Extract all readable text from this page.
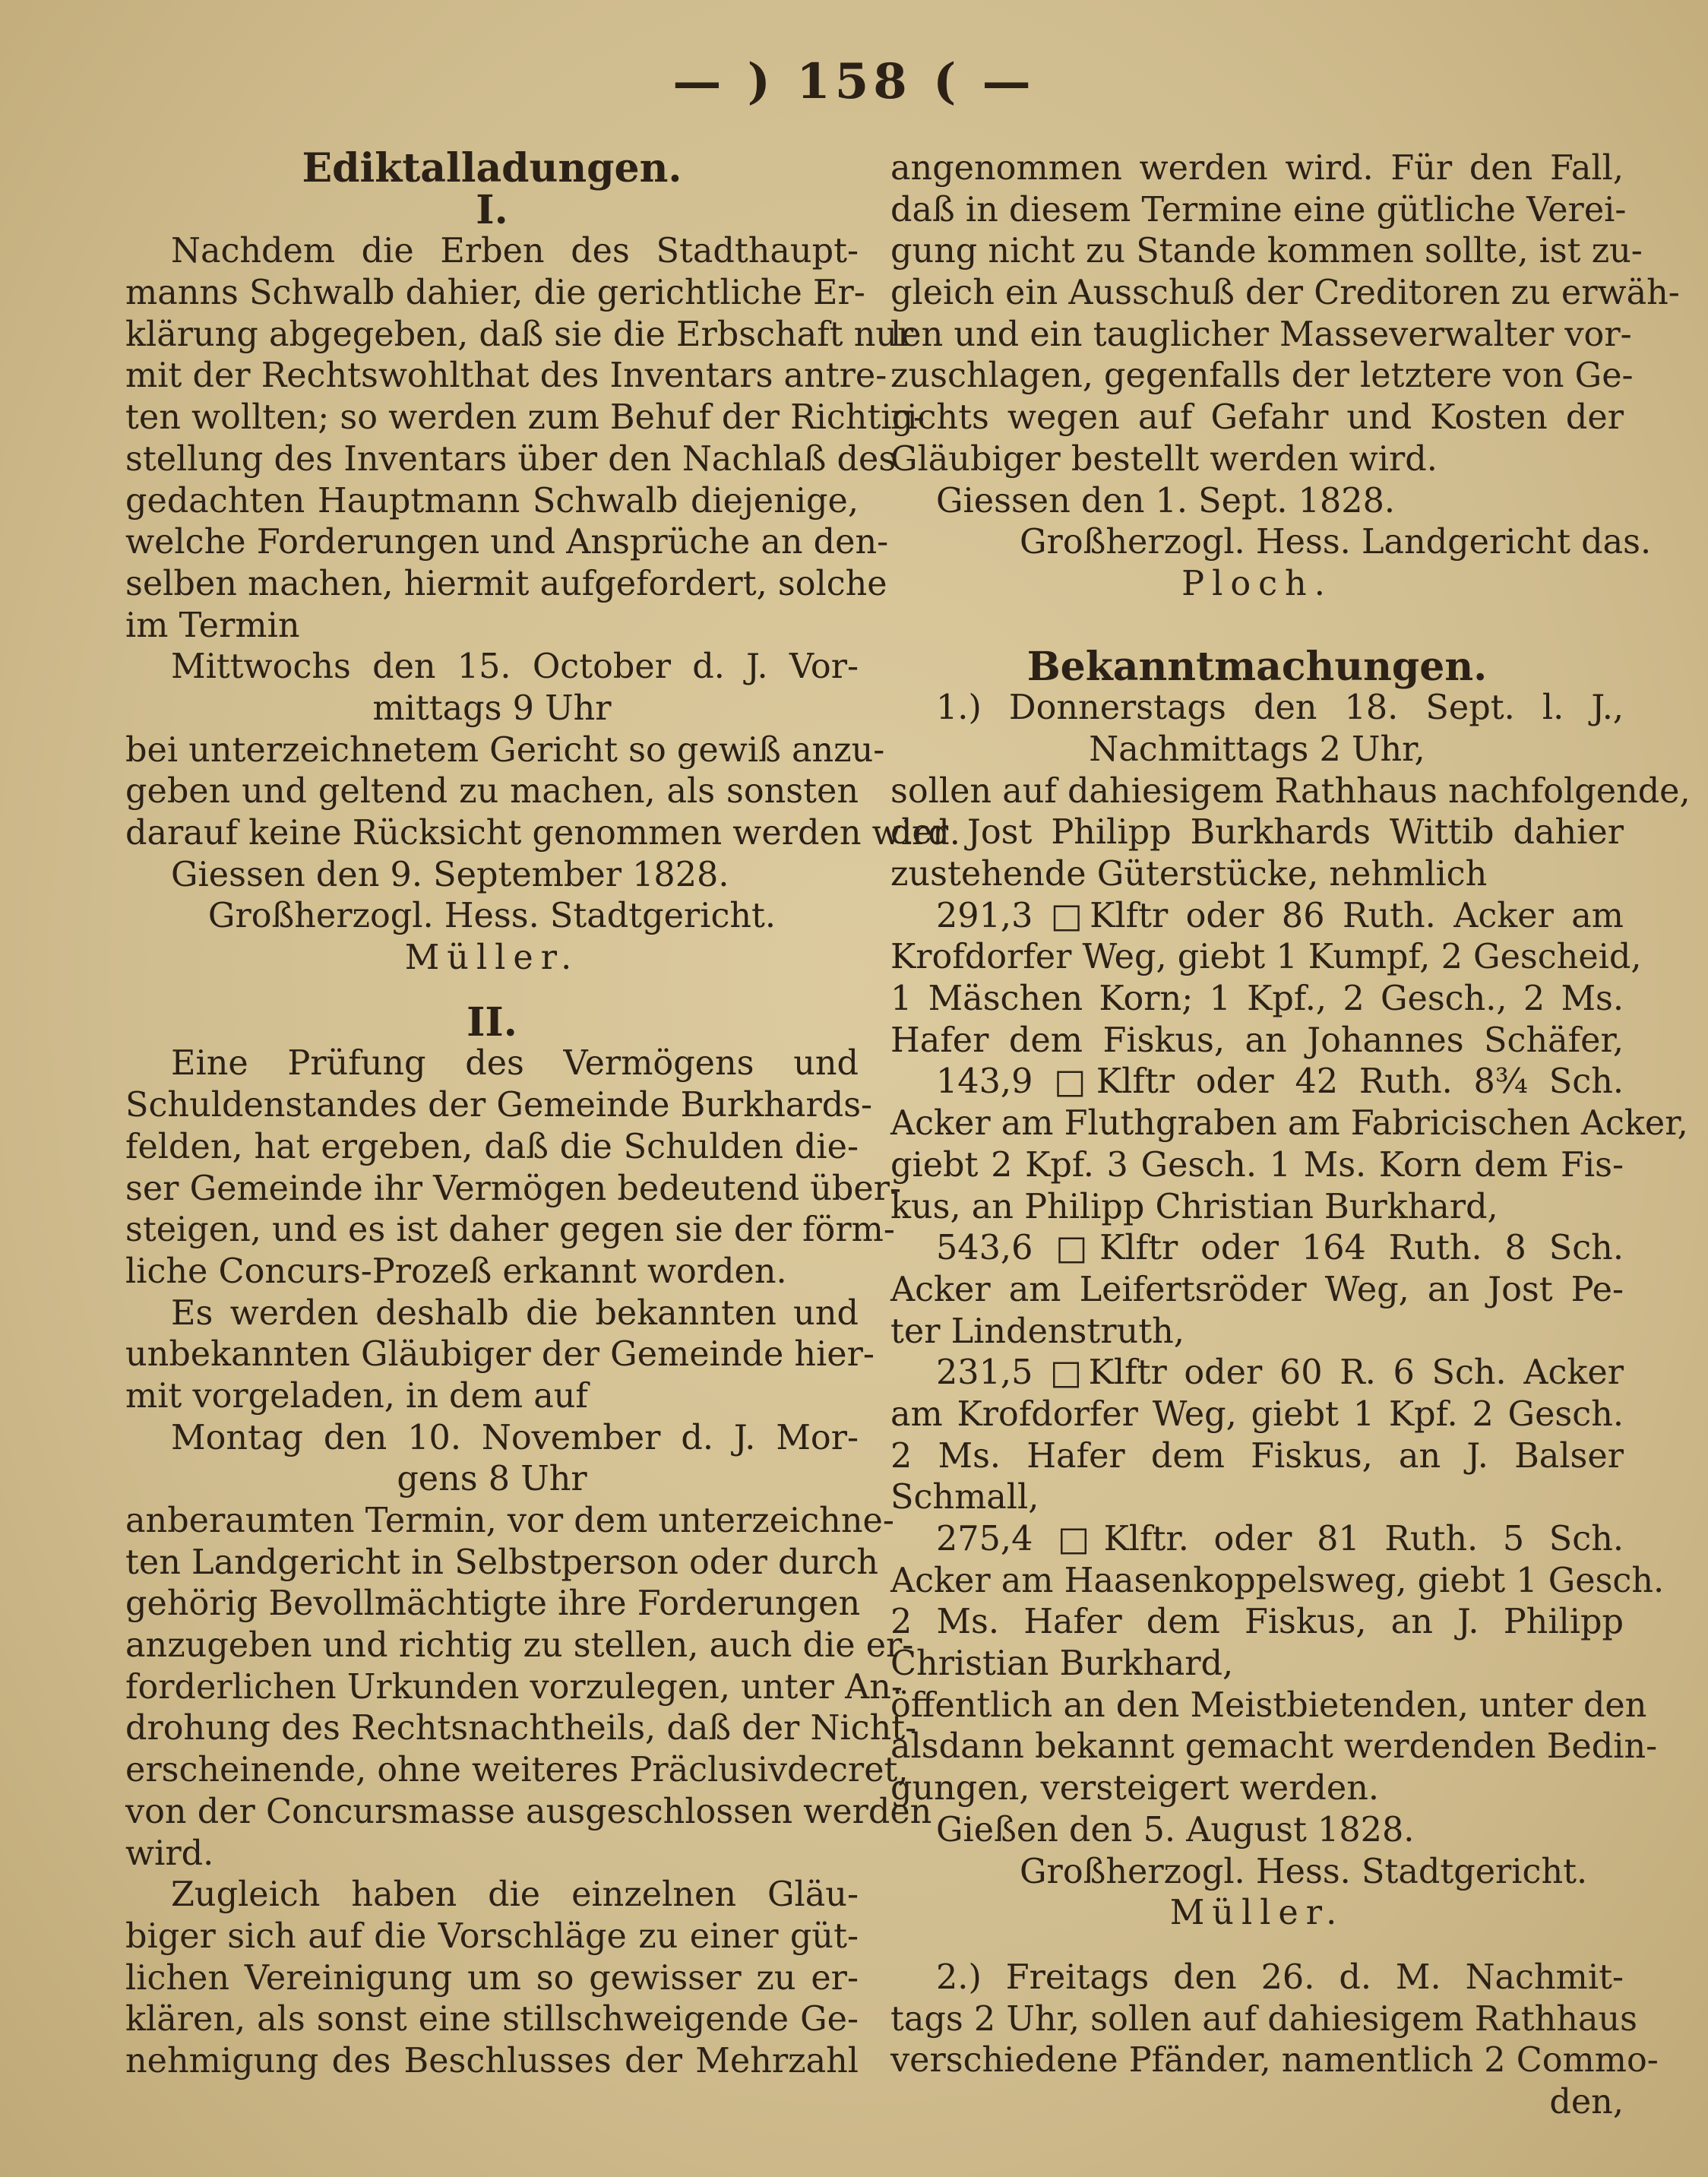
— ) 158 ( —
Ediktalladungen.
I.
Nachdem die Erben des Stadthaupt-
manns Schwalb dahier, die gerichtliche Er-
klärung abgegeben, daß sie die Erbschaft nur
mit der Rechtswohlthat des Inventars antre-
ten wollten; so werden zum Behuf der Richtig-
stellung des Inventars über den Nachlaß des
gedachten Hauptmann Schwalb diejenige,
welche Forderungen und Ansprüche an den-
selben machen, hiermit aufgefordert, solche
im Termin
Mittwochs den 15. October d. J. Vor-
mittags 9 Uhr
bei unterzeichnetem Gericht so gewiß anzu-
geben und geltend zu machen, als sonsten
darauf keine Rücksicht genommen werden wird.
Giessen den 9. September 1828.
Großherzogl. Hess. Stadtgericht.
Müller.
II.
Eine Prüfung des Vermögens und
Schuldenstandes der Gemeinde Burkhards-
felden, hat ergeben, daß die Schulden die-
ser Gemeinde ihr Vermögen bedeutend über-
steigen, und es ist daher gegen sie der förm-
liche Concurs-Prozeß erkannt worden.
Es werden deshalb die bekannten und
unbekannten Gläubiger der Gemeinde hier-
mit vorgeladen, in dem auf
Montag den 10. November d. J. Mor-
gens 8 Uhr
anberaumten Termin, vor dem unterzeichne-
ten Landgericht in Selbstperson oder durch
gehörig Bevollmächtigte ihre Forderungen
anzugeben und richtig zu stellen, auch die er-
forderlichen Urkunden vorzulegen, unter An-
drohung des Rechtsnachtheils, daß der Nicht-
erscheinende, ohne weiteres Präclusivdecret,
von der Concursmasse ausgeschlossen werden
wird.
Zugleich haben die einzelnen Gläu-
biger sich auf die Vorschläge zu einer güt-
lichen Vereinigung um so gewisser zu er-
klären, als sonst eine stillschweigende Ge-
nehmigung des Beschlusses der Mehrzahl
angenommen werden wird. Für den Fall,
daß in diesem Termine eine gütliche Verei-
gung nicht zu Stande kommen sollte, ist zu-
gleich ein Ausschuß der Creditoren zu erwäh-
len und ein tauglicher Masseverwalter vor-
zuschlagen, gegenfalls der letztere von Ge-
richts wegen auf Gefahr und Kosten der
Gläubiger bestellt werden wird.
Giessen den 1. Sept. 1828.
Großherzogl. Hess. Landgericht das.
Ploch.
Bekanntmachungen.
1.) Donnerstags den 18. Sept. l. J.,
Nachmittags 2 Uhr,
sollen auf dahiesigem Rathhaus nachfolgende,
der Jost Philipp Burkhards Wittib dahier
zustehende Güterstücke, nehmlich
291,3 □Klftr oder 86 Ruth. Acker am
Krofdorfer Weg, giebt 1 Kumpf, 2 Gescheid,
1 Mäschen Korn; 1 Kpf., 2 Gesch., 2 Ms.
Hafer dem Fiskus, an Johannes Schäfer,
143,9 □Klftr oder 42 Ruth. 8¾ Sch.
Acker am Fluthgraben am Fabricischen Acker,
giebt 2 Kpf. 3 Gesch. 1 Ms. Korn dem Fis-
kus, an Philipp Christian Burkhard,
543,6 □Klftr oder 164 Ruth. 8 Sch.
Acker am Leifertsröder Weg, an Jost Pe-
ter Lindenstruth,
231,5 □Klftr oder 60 R. 6 Sch. Acker
am Krofdorfer Weg, giebt 1 Kpf. 2 Gesch.
2 Ms. Hafer dem Fiskus, an J. Balser
Schmall,
275,4 □Klftr. oder 81 Ruth. 5 Sch.
Acker am Haasenkoppelsweg, giebt 1 Gesch.
2 Ms. Hafer dem Fiskus, an J. Philipp
Christian Burkhard,
öffentlich an den Meistbietenden, unter den
alsdann bekannt gemacht werdenden Bedin-
gungen, versteigert werden.
Gießen den 5. August 1828.
Großherzogl. Hess. Stadtgericht.
Müller.
2.) Freitags den 26. d. M. Nachmit-
tags 2 Uhr, sollen auf dahiesigem Rathhaus
verschiedene Pfänder, namentlich 2 Commo-
den,
